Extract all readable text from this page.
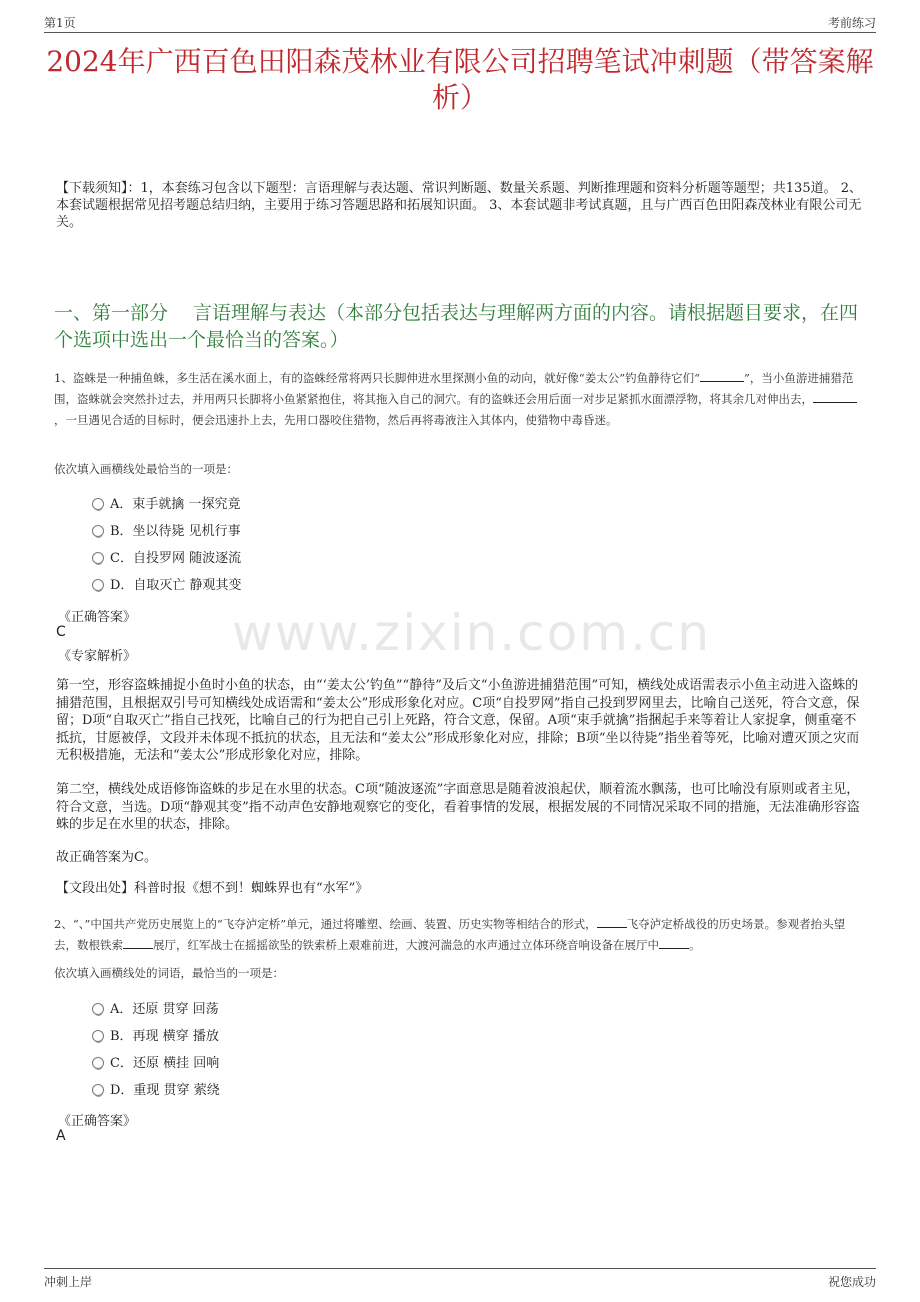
第1页	考前练习
2024年广西百色田阳森茂林业有限公司招聘笔试冲刺题（带答案解析）
【下载须知】：1，本套练习包含以下题型：言语理解与表达题、常识判断题、数量关系题、判断推理题和资料分析题等题型；共135道。 2、本套试题根据常见招考题总结归纳，主要用于练习答题思路和拓展知识面。 3、本套试题非考试真题，且与广西百色田阳森茂林业有限公司无关。
一、第一部分　 言语理解与表达（本部分包括表达与理解两方面的内容。请根据题目要求，在四个选项中选出一个最恰当的答案。）
1、盗蛛是一种捕鱼蛛，多生活在溪水面上，有的盗蛛经常将两只长脚伸进水里探测小鱼的动向，就好像“姜太公”钓鱼静待它们“	”，当小鱼游进捕猎范围，盗蛛就会突然扑过去，并用两只长脚将小鱼紧紧抱住，将其拖入自己的洞穴。有的盗蛛还会用后面一对步足紧抓水面漂浮物，将其余几对伸出去，，一旦遇见合适的目标时，便会迅速扑上去，先用口器咬住猎物，然后再将毒液注入其体内，使猎物中毒昏迷。
依次填入画横线处最恰当的一项是：
A．束手就擒 一探究竟
B．坐以待毙 见机行事
C．自投罗网 随波逐流
D．自取灭亡 静观其变
《正确答案》
C
《专家解析》
第一空，形容盗蛛捕捉小鱼时小鱼的状态，由“‘姜太公’钓鱼”“静待”及后文“小鱼游进捕猎范围”可知，横线处成语需表示小鱼主动进入盗蛛的捕猎范围，且根据双引号可知横线处成语需和“姜太公”形成形象化对应。C项“自投罗网”指自己投到罗网里去，比喻自己送死，符合文意，保留；D项“自取灭亡”指自己找死，比喻自己的行为把自己引上死路，符合文意，保留。A项“束手就擒”指捆起手来等着让人家捉拿，侧重毫不抵抗，甘愿被俘，文段并未体现不抵抗的状态，且无法和“姜太公”形成形象化对应，排除；B项“坐以待毙”指坐着等死，比喻对遭灭顶之灾而无积极措施，无法和“姜太公”形成形象化对应，排除。
第二空，横线处成语修饰盗蛛的步足在水里的状态。C项“随波逐流”字面意思是随着波浪起伏，顺着流水飘荡，也可比喻没有原则或者主见，符合文意，当选。D项“静观其变”指不动声色安静地观察它的变化，看着事情的发展，根据发展的不同情况采取不同的措施，无法准确形容盗蛛的步足在水里的状态，排除。
故正确答案为C。
【文段出处】科普时报《想不到！蜘蛛界也有“水军”》
2、“、”中国共产党历史展览上的“飞夺泸定桥”单元，通过将雕塑、绘画、装置、历史实物等相结合的形式，	飞夺泸定桥战役的历史场景。参观者抬头望去，数根铁索	展厅，红军战士在摇摇欲坠的铁索桥上艰难前进，大渡河湍急的水声通过立体环绕音响设备在展厅中	。
依次填入画横线处的词语，最恰当的一项是：
A．还原 贯穿 回荡
B．再现 横穿 播放
C．还原 横挂 回响
D．重现 贯穿 萦绕
《正确答案》
A
www.zixin.com.cn
冲刺上岸	祝您成功
